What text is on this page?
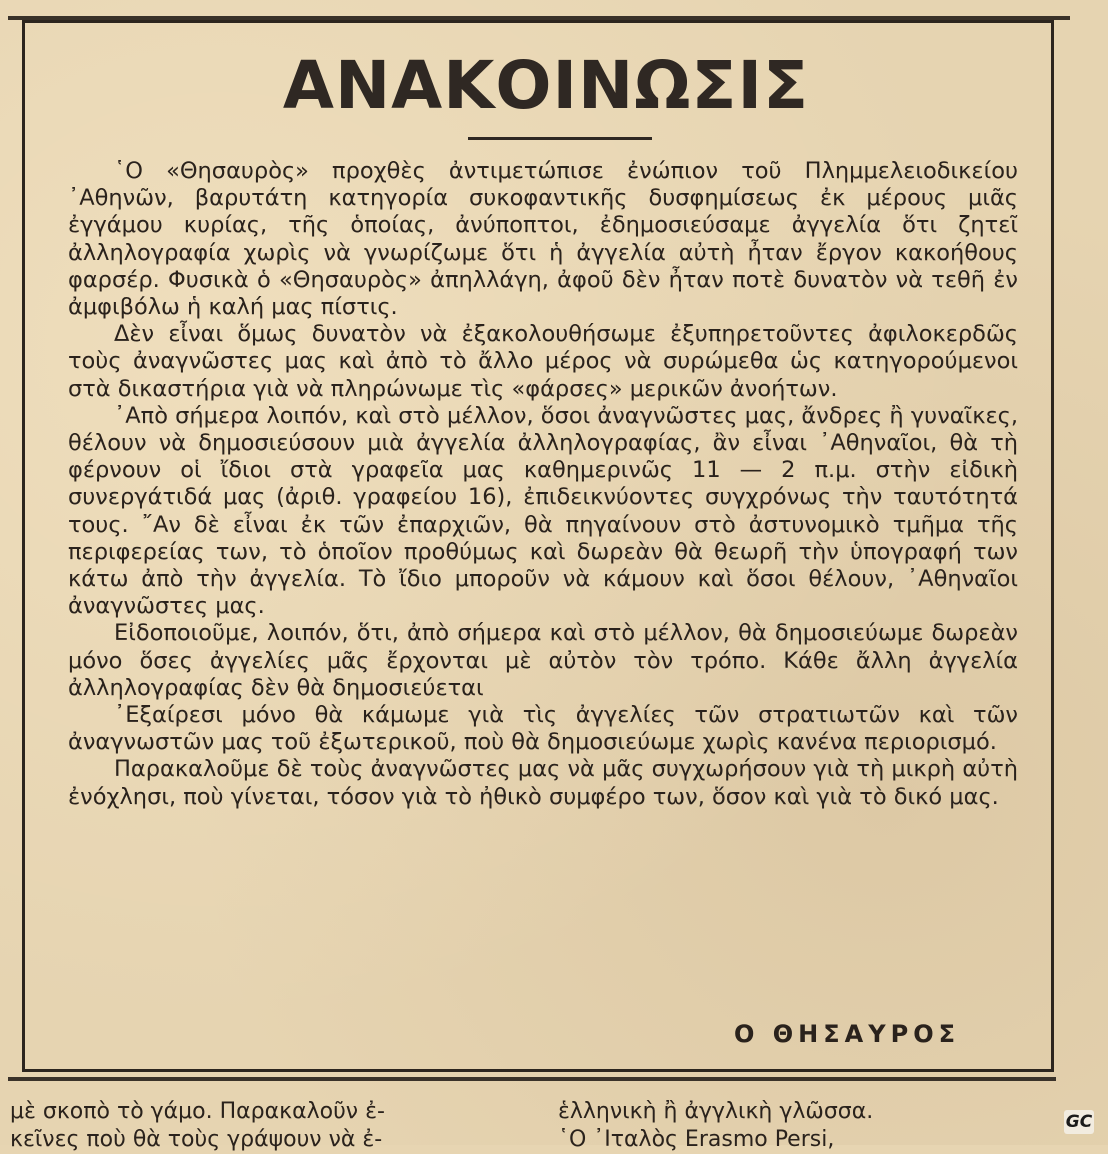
ΑΝΑΚΟΙΝΩΣΙΣ

῾Ο «Θησαυρὸς» προχθὲς ἀντιμετώπισε ἐνώπιον τοῦ Πλημμελειοδικείου ᾿Αθηνῶν, βαρυτάτη κατηγορία συκοφαντικῆς δυσφημίσεως ἐκ μέρους μιᾶς ἐγγάμου κυρίας, τῆς ὁποίας, ἀνύποπτοι, ἐδημοσιεύσαμε ἀγγελία ὅτι ζητεῖ ἀλληλογραφία χωρὶς νὰ γνωρίζωμε ὅτι ἡ ἀγγελία αὐτὴ ἦταν ἔργον κακοήθους φαρσέρ. Φυσικὰ ὁ «Θησαυρὸς» ἀπηλλάγη, ἀφοῦ δὲν ἦταν ποτὲ δυνατὸν νὰ τεθῆ ἐν ἀμφιβόλω ἡ καλή μας πίστις.

Δὲν εἶναι ὅμως δυνατὸν νὰ ἐξακολουθήσωμε ἐξυπηρετοῦντες ἀφιλοκερδῶς τοὺς ἀναγνῶστες μας καὶ ἀπὸ τὸ ἄλλο μέρος νὰ συρώμεθα ὡς κατηγορούμενοι στὰ δικαστήρια γιὰ νὰ πληρώνωμε τὶς «φάρσες» μερικῶν ἀνοήτων.

᾿Απὸ σήμερα λοιπόν, καὶ στὸ μέλλον, ὅσοι ἀναγνῶστες μας, ἄνδρες ἢ γυναῖκες, θέλουν νὰ δημοσιεύσουν μιὰ ἀγγελία ἀλληλογραφίας, ἂν εἶναι ᾿Αθηναῖοι, θὰ τὴ φέρνουν οἱ ἴδιοι στὰ γραφεῖα μας καθημερινῶς 11 — 2 π.μ. στὴν εἰδικὴ συνεργάτιδά μας (ἀριθ. γραφείου 16), ἐπιδεικνύοντες συγχρόνως τὴν ταυτότητά τους. ῎Αν δὲ εἶναι ἐκ τῶν ἐπαρχιῶν, θὰ πηγαίνουν στὸ ἀστυνομικὸ τμῆμα τῆς περιφερείας των, τὸ ὁποῖον προθύμως καὶ δωρεὰν θὰ θεωρῆ τὴν ὑπογραφή των κάτω ἀπὸ τὴν ἀγγελία. Τὸ ἴδιο μποροῦν νὰ κάμουν καὶ ὅσοι θέλουν, ᾿Αθηναῖοι ἀναγνῶστες μας.

Εἰδοποιοῦμε, λοιπόν, ὅτι, ἀπὸ σήμερα καὶ στὸ μέλλον, θὰ δημοσιεύωμε δωρεὰν μόνο ὅσες ἀγγελίες μᾶς ἔρχονται μὲ αὐτὸν τὸν τρόπο. Κάθε ἄλλη ἀγγελία ἀλληλογραφίας δὲν θὰ δημοσιεύεται

᾿Εξαίρεσι μόνο θὰ κάμωμε γιὰ τὶς ἀγγελίες τῶν στρατιωτῶν καὶ τῶν ἀναγνωστῶν μας τοῦ ἐξωτερικοῦ, ποὺ θὰ δημοσιεύωμε χωρὶς κανένα περιορισμό.

Παρακαλοῦμε δὲ τοὺς ἀναγνῶστες μας νὰ μᾶς συγχωρήσουν γιὰ τὴ μικρὴ αὐτὴ ἐνόχλησι, ποὺ γίνεται, τόσον γιὰ τὸ ἠθικὸ συμφέρο των, ὅσον καὶ γιὰ τὸ δικό μας.

Ο ΘΗΣΑΥΡΟΣ
μὲ σκοπὸ τὸ γάμο. Παρακαλοῦν ἐ-
κεῖνες ποὺ θὰ τοὺς γράψουν νὰ ἐ-
ἑλληνικὴ ἢ ἀγγλικὴ γλῶσσα.
῾Ο ᾿Ιταλὸς Erasmo Persi,
GC
